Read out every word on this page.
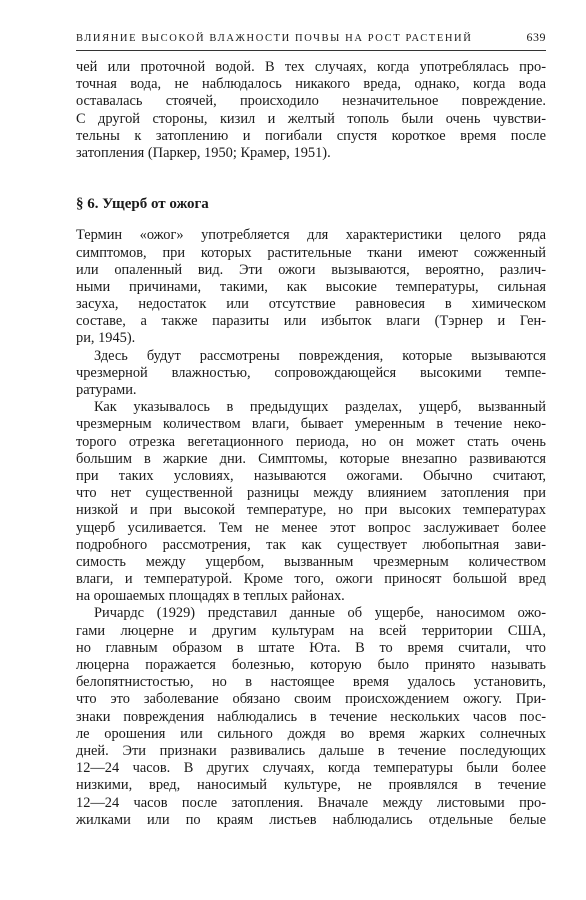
ВЛИЯНИЕ ВЫСОКОЙ ВЛАЖНОСТИ ПОЧВЫ НА РОСТ РАСТЕНИЙ	639
чей или проточной водой. В тех случаях, когда употреблялась про-
точная вода, не наблюдалось никакого вреда, однако, когда вода
оставалась стоячей, происходило незначительное повреждение.
С другой стороны, кизил и желтый тополь были очень чувстви-
тельны к затоплению и погибали спустя короткое время после
затопления (Паркер, 1950; Крамер, 1951).
§ 6. Ущерб от ожога
Термин «ожог» употребляется для характеристики целого ряда
симптомов, при которых растительные ткани имеют сожженный
или опаленный вид. Эти ожоги вызываются, вероятно, различ-
ными причинами, такими, как высокие температуры, сильная
засуха, недостаток или отсутствие равновесия в химическом
составе, а также паразиты или избыток влаги (Тэрнер и Ген-
ри, 1945).
Здесь будут рассмотрены повреждения, которые вызываются
чрезмерной влажностью, сопровождающейся высокими темпе-
ратурами.
Как указывалось в предыдущих разделах, ущерб, вызванный
чрезмерным количеством влаги, бывает умеренным в течение неко-
торого отрезка вегетационного периода, но он может стать очень
большим в жаркие дни. Симптомы, которые внезапно развиваются
при таких условиях, называются ожогами. Обычно считают,
что нет существенной разницы между влиянием затопления при
низкой и при высокой температуре, но при высоких температурах
ущерб усиливается. Тем не менее этот вопрос заслуживает более
подробного рассмотрения, так как существует любопытная зави-
симость между ущербом, вызванным чрезмерным количеством
влаги, и температурой. Кроме того, ожоги приносят большой вред
на орошаемых площадях в теплых районах.
Ричардс (1929) представил данные об ущербе, наносимом ожо-
гами люцерне и другим культурам на всей территории США,
но главным образом в штате Юта. В то время считали, что
люцерна поражается болезнью, которую было принято называть
белопятнистостью, но в настоящее время удалось установить,
что это заболевание обязано своим происхождением ожогу. При-
знаки повреждения наблюдались в течение нескольких часов пос-
ле орошения или сильного дождя во время жарких солнечных
дней. Эти признаки развивались дальше в течение последующих
12—24 часов. В других случаях, когда температуры были более
низкими, вред, наносимый культуре, не проявлялся в течение
12—24 часов после затопления. Вначале между листовыми про-
жилками или по краям листьев наблюдались отдельные белые
